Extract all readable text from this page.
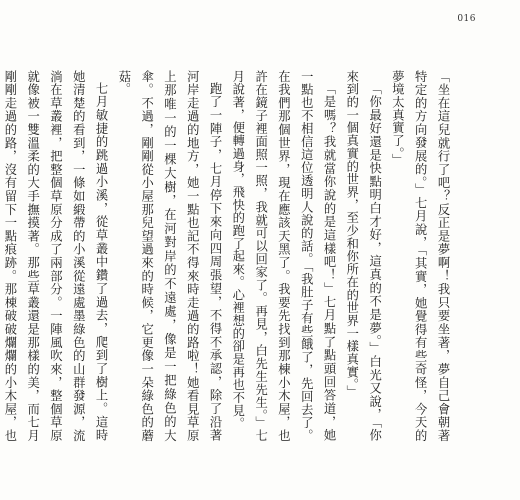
016

「坐在這兒就行了吧？反正是夢啊！我只要坐著，夢自己會朝著特定的方向發展的。」七月說，「其實，她覺得有些奇怪，今天的夢境太真實了。」

「你最好還是快點明白才好，這真的不是夢。」白光又說，「你來到的一個真實的世界，至少和你所在的世界一樣真實。」

「是嗎？我就當你說的是這樣吧！」七月點了點頭回答道，她一點也不相信這位透明人說的話。「我肚子有些餓了，先回去了。在我們那個世界，現在應該天黑了。我要先找到那棟小木屋，也許在鏡子裡面照一照，我就可以回家了。再見，白先生先生。」七月說著，便轉過身，飛快的跑了起來。心裡想的卻是再也不見。

跑了一陣子，七月停下來向四周張望，不得不承認，除了沿著河岸走過的地方，她一點也記不得來時走過的路啦！她看見草原上那唯一的一棵大樹，在河對岸的不遠處，像是一把綠色的大傘。不過，剛剛從小屋那兒望過來的時候，它更像一朵綠色的蘑菇。

七月敏捷的跳過小溪，從草叢中鑽了過去，爬到了樹上。這時她清楚的看到，一條如緞帶的小溪從遠處墨綠色的山群發源，流淌在草叢裡，把整個草原分成了兩部分。一陣風吹來，整個草原就像被一雙溫柔的大手撫摸著。那些草叢還是那樣的美，而七月剛剛走過的路，沒有留下一點痕跡。那棟破破爛爛的小木屋，也
